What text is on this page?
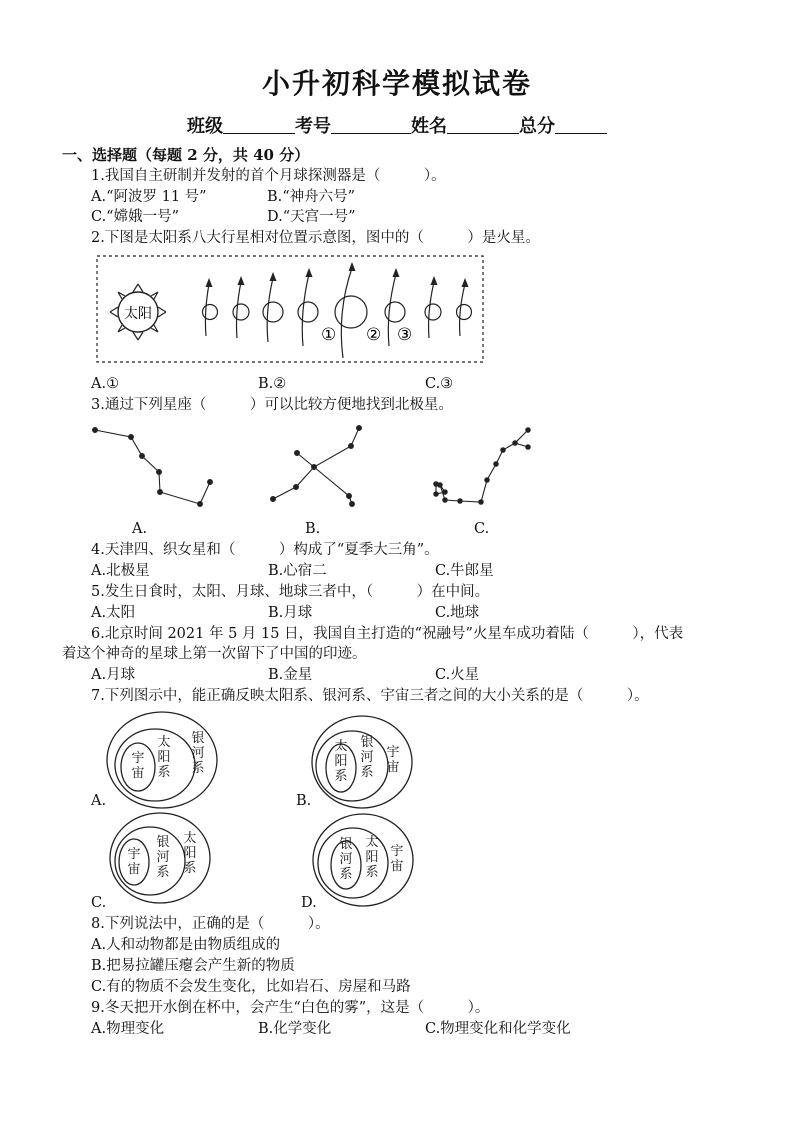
小升初科学模拟试卷
班级	考号	姓名	总分
一、选择题（每题 2 分，共 40 分）
1.我国自主研制并发射的首个月球探测器是（　　　）。
A.“阿波罗 11 号”	B.“神舟六号”
C.“嫦娥一号”	D.“天宫一号”
2.下图是太阳系八大行星相对位置示意图，图中的（　　　）是火星。
太阳
① ② ③
A.①	B.②	C.③
3.通过下列星座（　　　）可以比较方便地找到北极星。
A.	B.	C.
4.天津四、织女星和（　　　）构成了“夏季大三角”。
A.北极星	B.心宿二	C.牛郎星
5.发生日食时，太阳、月球、地球三者中，（　　　）在中间。
A.太阳	B.月球	C.地球
6.北京时间 2021 年 5 月 15 日，我国自主打造的“祝融号”火星车成功着陆（　　　），代表
着这个神奇的星球上第一次留下了中国的印迹。
A.月球	B.金星	C.火星
7.下列图示中，能正确反映太阳系、银河系、宇宙三者之间的大小关系的是（　　　）。
宇宙
太阳系
银河系
太阳系
银河系
宇宙
宇宙
银河系
太阳系
银河系
太阳系
宇宙
A.	B.
C.	D.
8.下列说法中，正确的是（　　　）。
A.人和动物都是由物质组成的
B.把易拉罐压瘪会产生新的物质
C.有的物质不会发生变化，比如岩石、房屋和马路
9.冬天把开水倒在杯中，会产生“白色的雾”，这是（　　　）。
A.物理变化	B.化学变化	C.物理变化和化学变化
